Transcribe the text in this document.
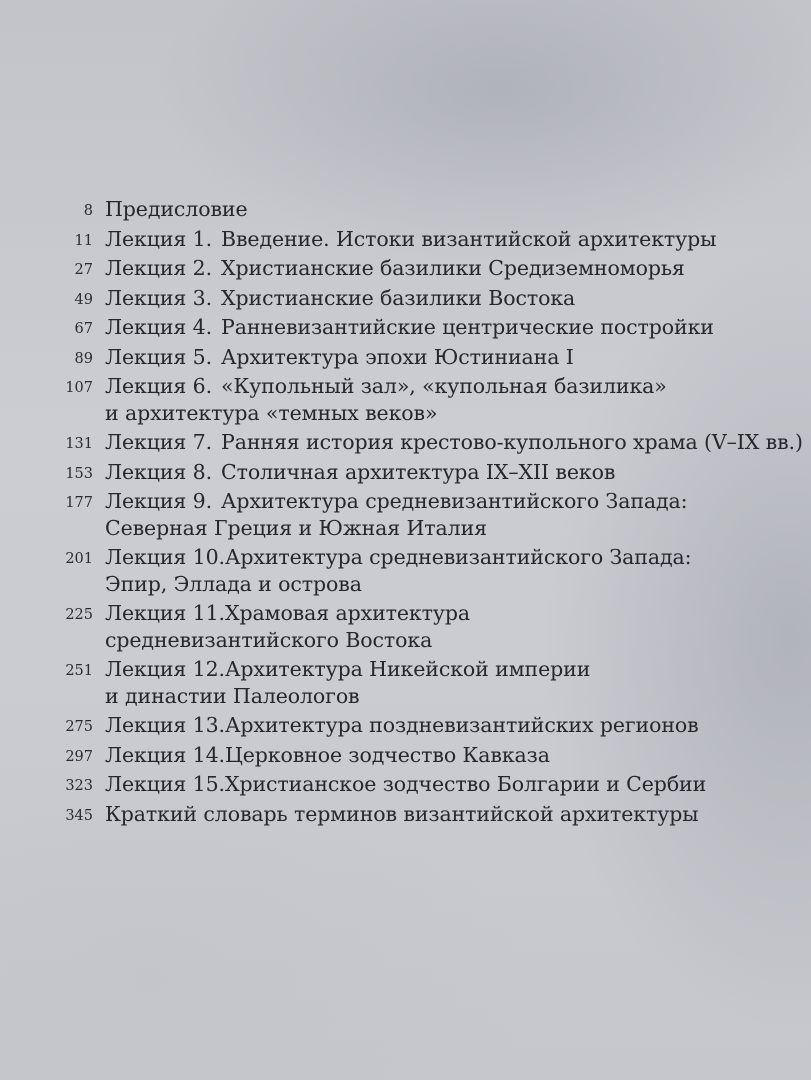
8 Предисловие
11 Лекция 1. Введение. Истоки византийской архитектуры
27 Лекция 2. Христианские базилики Средиземноморья
49 Лекция 3. Христианские базилики Востока
67 Лекция 4. Ранневизантийские центрические постройки
89 Лекция 5. Архитектура эпохи Юстиниана I
107 Лекция 6. «Купольный зал», «купольная базилика»
и архитектура «темных веков»
131 Лекция 7. Ранняя история крестово-купольного храма (V–IX вв.)
153 Лекция 8. Столичная архитектура IX–XII веков
177 Лекция 9. Архитектура средневизантийского Запада:
Северная Греция и Южная Италия
201 Лекция 10.Архитектура средневизантийского Запада:
Эпир, Эллада и острова
225 Лекция 11.Храмовая архитектура
средневизантийского Востока
251 Лекция 12.Архитектура Никейской империи
и династии Палеологов
275 Лекция 13.Архитектура поздневизантийских регионов
297 Лекция 14.Церковное зодчество Кавказа
323 Лекция 15.Христианское зодчество Болгарии и Сербии
345 Краткий словарь терминов византийской архитектуры
